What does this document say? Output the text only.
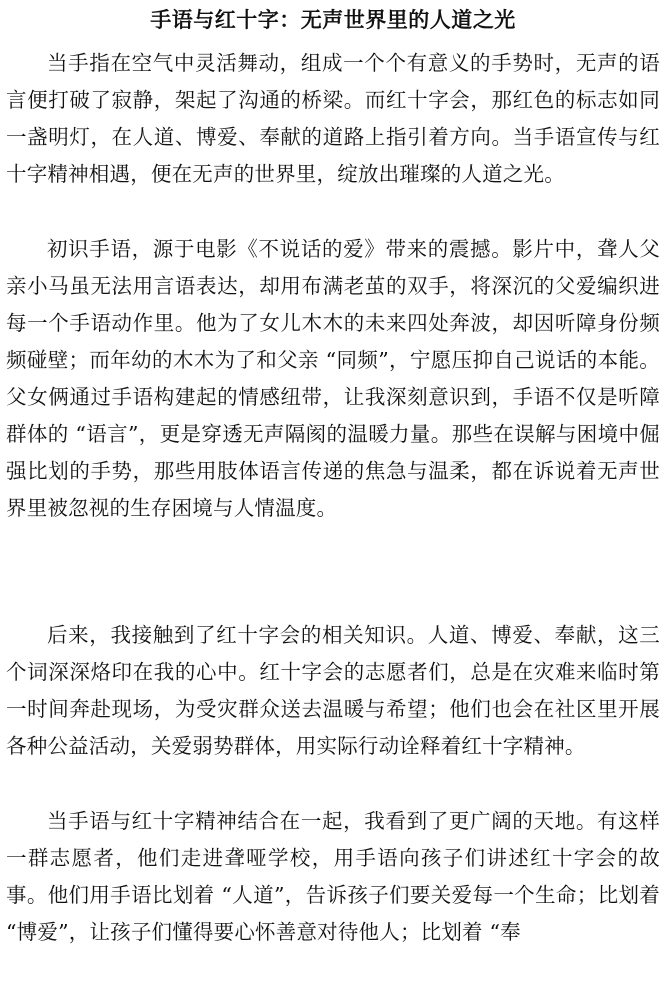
手语与红十字：无声世界里的人道之光

当手指在空气中灵活舞动，组成一个个有意义的手势时，无声的语言便打破了寂静，架起了沟通的桥梁。而红十字会，那红色的标志如同一盏明灯，在人道、博爱、奉献的道路上指引着方向。当手语宣传与红十字精神相遇，便在无声的世界里，绽放出璀璨的人道之光。

初识手语，源于电影《不说话的爱》带来的震撼。影片中，聋人父亲小马虽无法用言语表达，却用布满老茧的双手，将深沉的父爱编织进每一个手语动作里。他为了女儿木木的未来四处奔波，却因听障身份频频碰壁；而年幼的木木为了和父亲 “同频”，宁愿压抑自己说话的本能。父女俩通过手语构建起的情感纽带，让我深刻意识到，手语不仅是听障群体的 “语言”，更是穿透无声隔阂的温暖力量。那些在误解与困境中倔强比划的手势，那些用肢体语言传递的焦急与温柔，都在诉说着无声世界里被忽视的生存困境与人情温度。

后来，我接触到了红十字会的相关知识。人道、博爱、奉献，这三个词深深烙印在我的心中。红十字会的志愿者们，总是在灾难来临时第一时间奔赴现场，为受灾群众送去温暖与希望；他们也会在社区里开展各种公益活动，关爱弱势群体，用实际行动诠释着红十字精神。

当手语与红十字精神结合在一起，我看到了更广阔的天地。有这样一群志愿者，他们走进聋哑学校，用手语向孩子们讲述红十字会的故事。他们用手语比划着 “人道”，告诉孩子们要关爱每一个生命；比划着 “博爱”，让孩子们懂得要心怀善意对待他人；比划着 “奉
